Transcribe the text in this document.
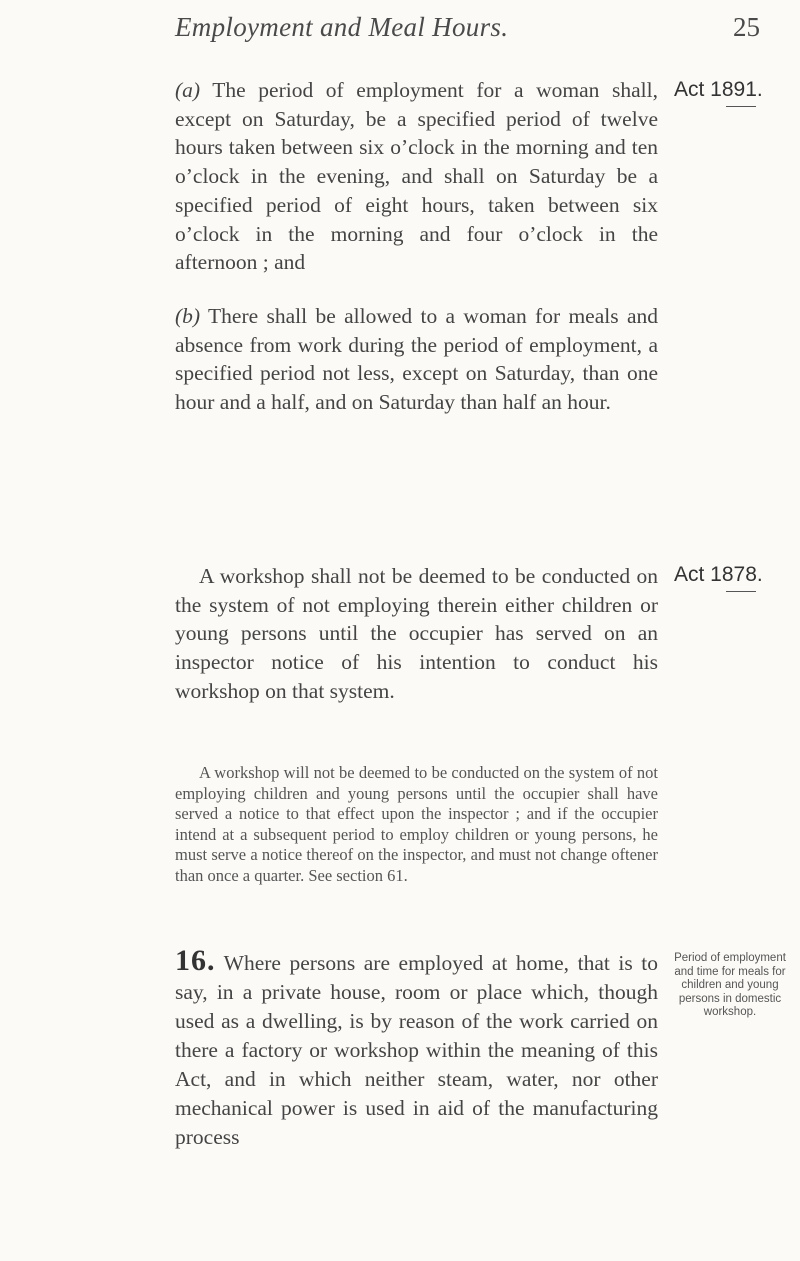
Employment and Meal Hours.	25
Act 1891.
(a) The period of employment for a woman shall, except on Saturday, be a specified period of twelve hours taken between six o’clock in the morning and ten o’clock in the evening, and shall on Saturday be a specified period of eight hours, taken between six o’clock in the morning and four o’clock in the afternoon ; and
(b) There shall be allowed to a woman for meals and absence from work during the period of employment, a specified period not less, except on Saturday, than one hour and a half, and on Saturday than half an hour.
Act 1878.

A workshop shall not be deemed to be conducted on the system of not employing therein either children or young persons until the occupier has served on an inspector notice of his intention to conduct his workshop on that system.

A workshop will not be deemed to be conducted on the system of not employing children and young persons until the occupier shall have served a notice to that effect upon the inspector ; and if the occupier intend at a subsequent period to employ children or young persons, he must serve a notice thereof on the inspector, and must not change oftener than once a quarter. See section 61.

16. Where persons are employed at home, that is to say, in a private house, room or place which, though used as a dwelling, is by reason of the work carried on there a factory or workshop within the meaning of this Act, and in which neither steam, water, nor other mechanical power is used in aid of the manufacturing process
Period of employment and time for meals for children and young persons in domestic workshop.
